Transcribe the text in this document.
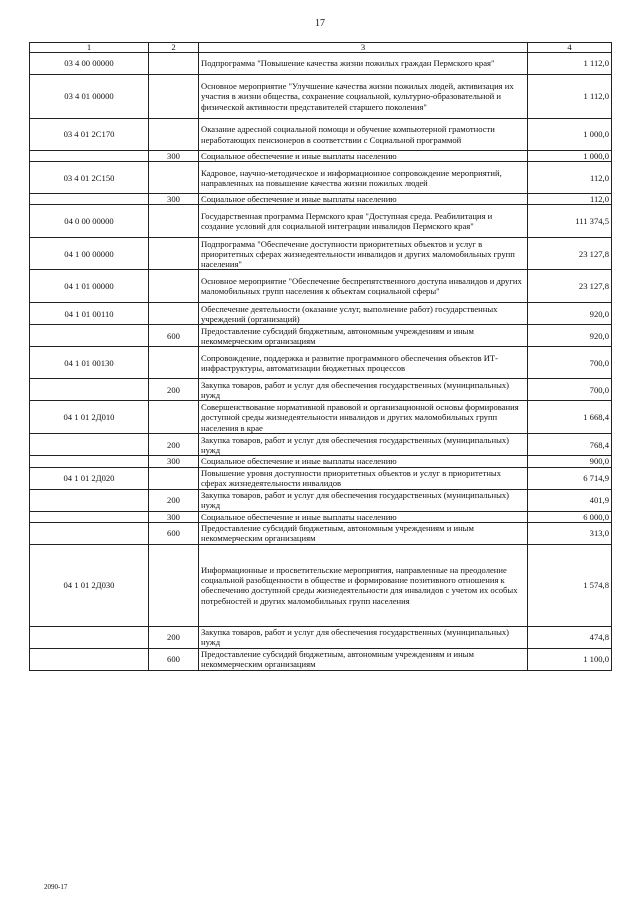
17
1	2	3	4
03 4 00 00000		Подпрограмма "Повышение качества жизни пожилых граждан Пермского края"	1 112,0
03 4 01 00000		Основное мероприятие "Улучшение качества жизни пожилых людей, активизация их участия в жизни общества, сохранение социальной, культурно-образовательной и физической активности представителей старшего поколения"	1 112,0
03 4 01 2С170		Оказание адресной социальной помощи и обучение компьютерной грамотности неработающих пенсионеров в соответствии с Социальной программой	1 000,0
	300	Социальное обеспечение и иные выплаты населению	1 000,0
03 4 01 2С150		Кадровое, научно-методическое и информационное сопровождение мероприятий, направленных на повышение качества жизни пожилых людей	112,0
	300	Социальное обеспечение и иные выплаты населению	112,0
04 0 00 00000		Государственная программа Пермского края "Доступная среда. Реабилитация и создание условий для социальной интеграции инвалидов Пермского края"	111 374,5
04 1 00 00000		Подпрограмма "Обеспечение доступности приоритетных объектов и услуг в приоритетных сферах жизнедеятельности инвалидов и других маломобильных групп населения"	23 127,8
04 1 01 00000		Основное мероприятие "Обеспечение беспрепятственного доступа инвалидов и других маломобильных групп населения к объектам социальной сферы"	23 127,8
04 1 01 00110		Обеспечение деятельности (оказание услуг, выполнение работ) государственных учреждений (организаций)	920,0
	600	Предоставление субсидий бюджетным, автономным учреждениям и иным некоммерческим организациям	920,0
04 1 01 00130		Сопровождение, поддержка и развитие программного обеспечения объектов ИТ-инфраструктуры, автоматизации бюджетных процессов	700,0
	200	Закупка товаров, работ и услуг для обеспечения государственных (муниципальных) нужд	700,0
04 1 01 2Д010		Совершенствование нормативной правовой и организационной основы формирования доступной среды жизнедеятельности инвалидов и других маломобильных групп населения в крае	1 668,4
	200	Закупка товаров, работ и услуг для обеспечения государственных (муниципальных) нужд	768,4
	300	Социальное обеспечение и иные выплаты населению	900,0
04 1 01 2Д020		Повышение уровня доступности приоритетных объектов и услуг в приоритетных сферах жизнедеятельности инвалидов	6 714,9
	200	Закупка товаров, работ и услуг для обеспечения государственных (муниципальных) нужд	401,9
	300	Социальное обеспечение и иные выплаты населению	6 000,0
	600	Предоставление субсидий бюджетным, автономным учреждениям и иным некоммерческим организациям	313,0
04 1 01 2Д030		Информационные и просветительские мероприятия, направленные на преодоление социальной разобщенности в обществе и формирование позитивного отношения к обеспечению доступной среды жизнедеятельности для инвалидов с учетом их особых потребностей и других маломобильных групп населения	1 574,8
	200	Закупка товаров, работ и услуг для обеспечения государственных (муниципальных) нужд	474,8
	600	Предоставление субсидий бюджетным, автономным учреждениям и иным некоммерческим организациям	1 100,0
2090-17
